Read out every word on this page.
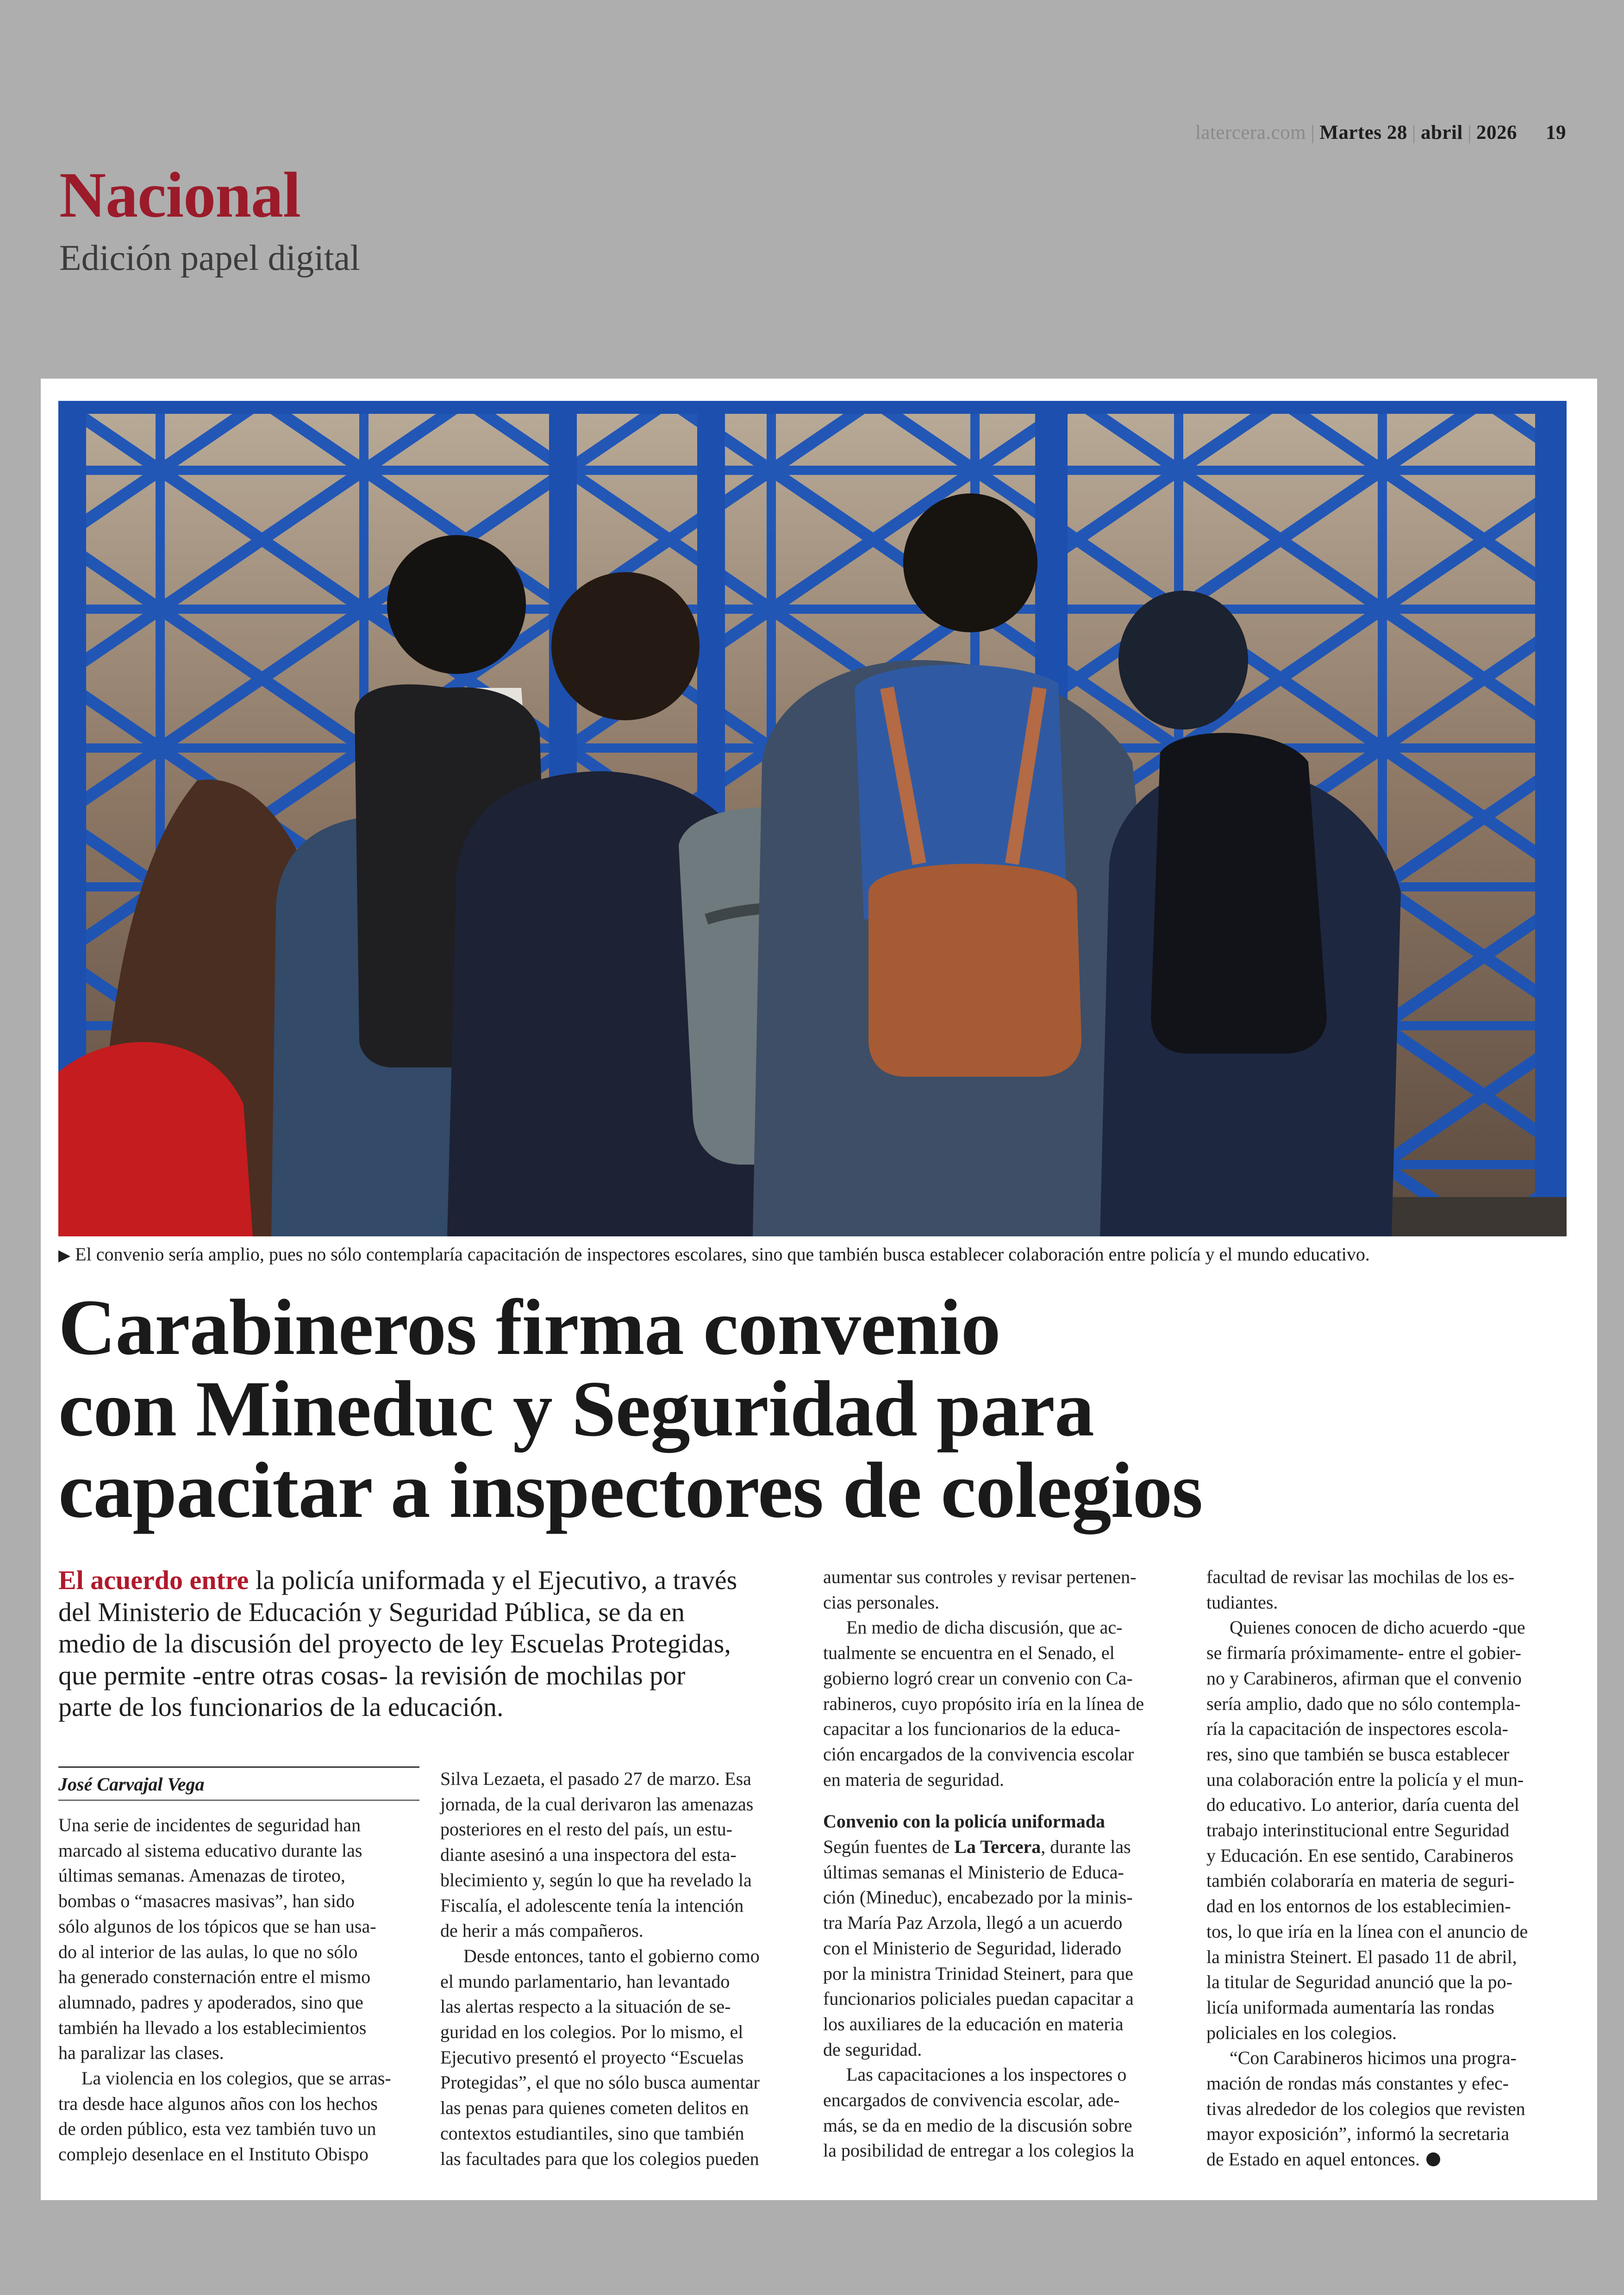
latercera.com | Martes 28 | abril | 2026 19
Nacional
Edición papel digital
▶ El convenio sería amplio, pues no sólo contemplaría capacitación de inspectores escolares, sino que también busca establecer colaboración entre policía y el mundo educativo.
Carabineros firma convenio
con Mineduc y Seguridad para
capacitar a inspectores de colegios
El acuerdo entre la policía uniformada y el Ejecutivo, a través
del Ministerio de Educación y Seguridad Pública, se da en
medio de la discusión del proyecto de ley Escuelas Protegidas,
que permite -entre otras cosas- la revisión de mochilas por
parte de los funcionarios de la educación.
José Carvajal Vega
Una serie de incidentes de seguridad han
marcado al sistema educativo durante las
últimas semanas. Amenazas de tiroteo,
bombas o “masacres masivas”, han sido
sólo algunos de los tópicos que se han usa-
do al interior de las aulas, lo que no sólo
ha generado consternación entre el mismo
alumnado, padres y apoderados, sino que
también ha llevado a los establecimientos
ha paralizar las clases.
La violencia en los colegios, que se arras-
tra desde hace algunos años con los hechos
de orden público, esta vez también tuvo un
complejo desenlace en el Instituto Obispo
Silva Lezaeta, el pasado 27 de marzo. Esa
jornada, de la cual derivaron las amenazas
posteriores en el resto del país, un estu-
diante asesinó a una inspectora del esta-
blecimiento y, según lo que ha revelado la
Fiscalía, el adolescente tenía la intención
de herir a más compañeros.
Desde entonces, tanto el gobierno como
el mundo parlamentario, han levantado
las alertas respecto a la situación de se-
guridad en los colegios. Por lo mismo, el
Ejecutivo presentó el proyecto “Escuelas
Protegidas”, el que no sólo busca aumentar
las penas para quienes cometen delitos en
contextos estudiantiles, sino que también
las facultades para que los colegios pueden
aumentar sus controles y revisar pertenen-
cias personales.
En medio de dicha discusión, que ac-
tualmente se encuentra en el Senado, el
gobierno logró crear un convenio con Ca-
rabineros, cuyo propósito iría en la línea de
capacitar a los funcionarios de la educa-
ción encargados de la convivencia escolar
en materia de seguridad.
Convenio con la policía uniformada
Según fuentes de La Tercera, durante las
últimas semanas el Ministerio de Educa-
ción (Mineduc), encabezado por la minis-
tra María Paz Arzola, llegó a un acuerdo
con el Ministerio de Seguridad, liderado
por la ministra Trinidad Steinert, para que
funcionarios policiales puedan capacitar a
los auxiliares de la educación en materia
de seguridad.
Las capacitaciones a los inspectores o
encargados de convivencia escolar, ade-
más, se da en medio de la discusión sobre
la posibilidad de entregar a los colegios la
facultad de revisar las mochilas de los es-
tudiantes.
Quienes conocen de dicho acuerdo -que
se firmaría próximamente- entre el gobier-
no y Carabineros, afirman que el convenio
sería amplio, dado que no sólo contempla-
ría la capacitación de inspectores escola-
res, sino que también se busca establecer
una colaboración entre la policía y el mun-
do educativo. Lo anterior, daría cuenta del
trabajo interinstitucional entre Seguridad
y Educación. En ese sentido, Carabineros
también colaboraría en materia de seguri-
dad en los entornos de los establecimien-
tos, lo que iría en la línea con el anuncio de
la ministra Steinert. El pasado 11 de abril,
la titular de Seguridad anunció que la po-
licía uniformada aumentaría las rondas
policiales en los colegios.
“Con Carabineros hicimos una progra-
mación de rondas más constantes y efec-
tivas alrededor de los colegios que revisten
mayor exposición”, informó la secretaria
de Estado en aquel entonces.
